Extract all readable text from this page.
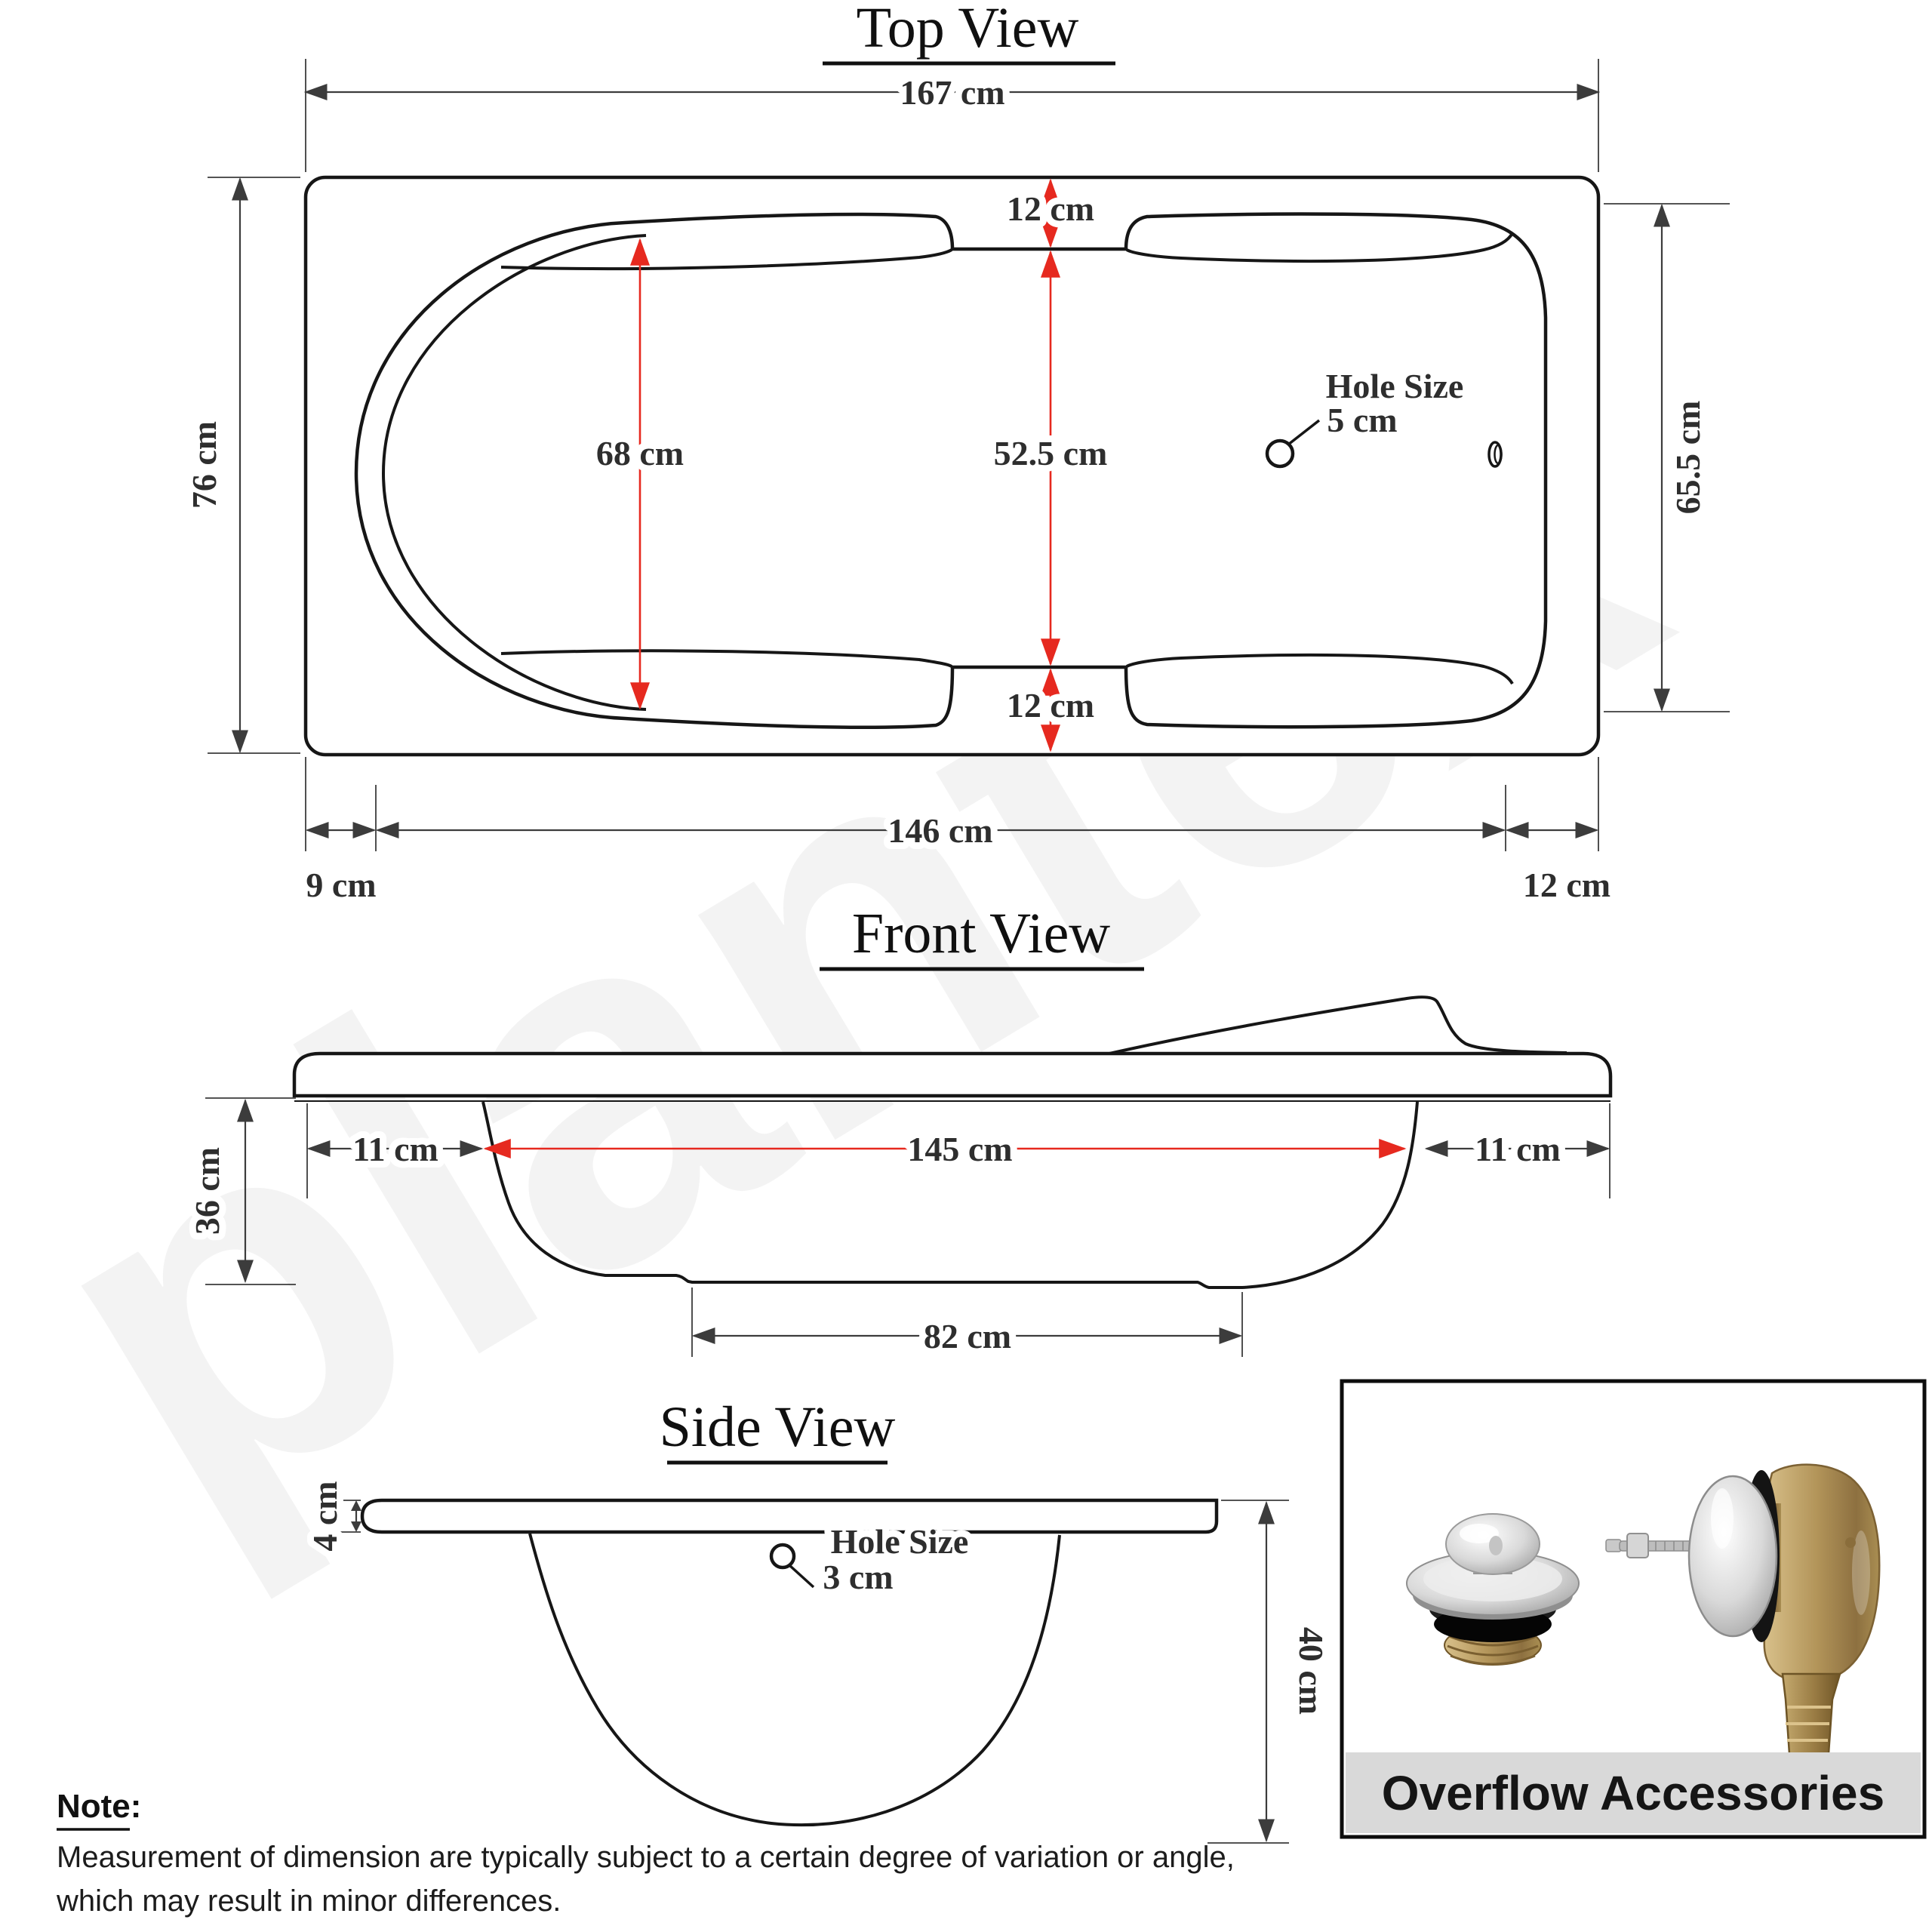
Top View
Hole Size
5 cm
167 cm
76 cm	65.5 cm
12 cm
52.5 cm
12 cm
68 cm
146 cm
9 cm	12 cm
Front View
36 cm	11 cm	145 cm	11 cm
82 cm
Side View
4 cm	Hole Size
3 cm
40 cm
Overflow Accessories
Note:
Measurement of dimension are typically subject to a certain degree of variation or angle,
which may result in minor differences.
